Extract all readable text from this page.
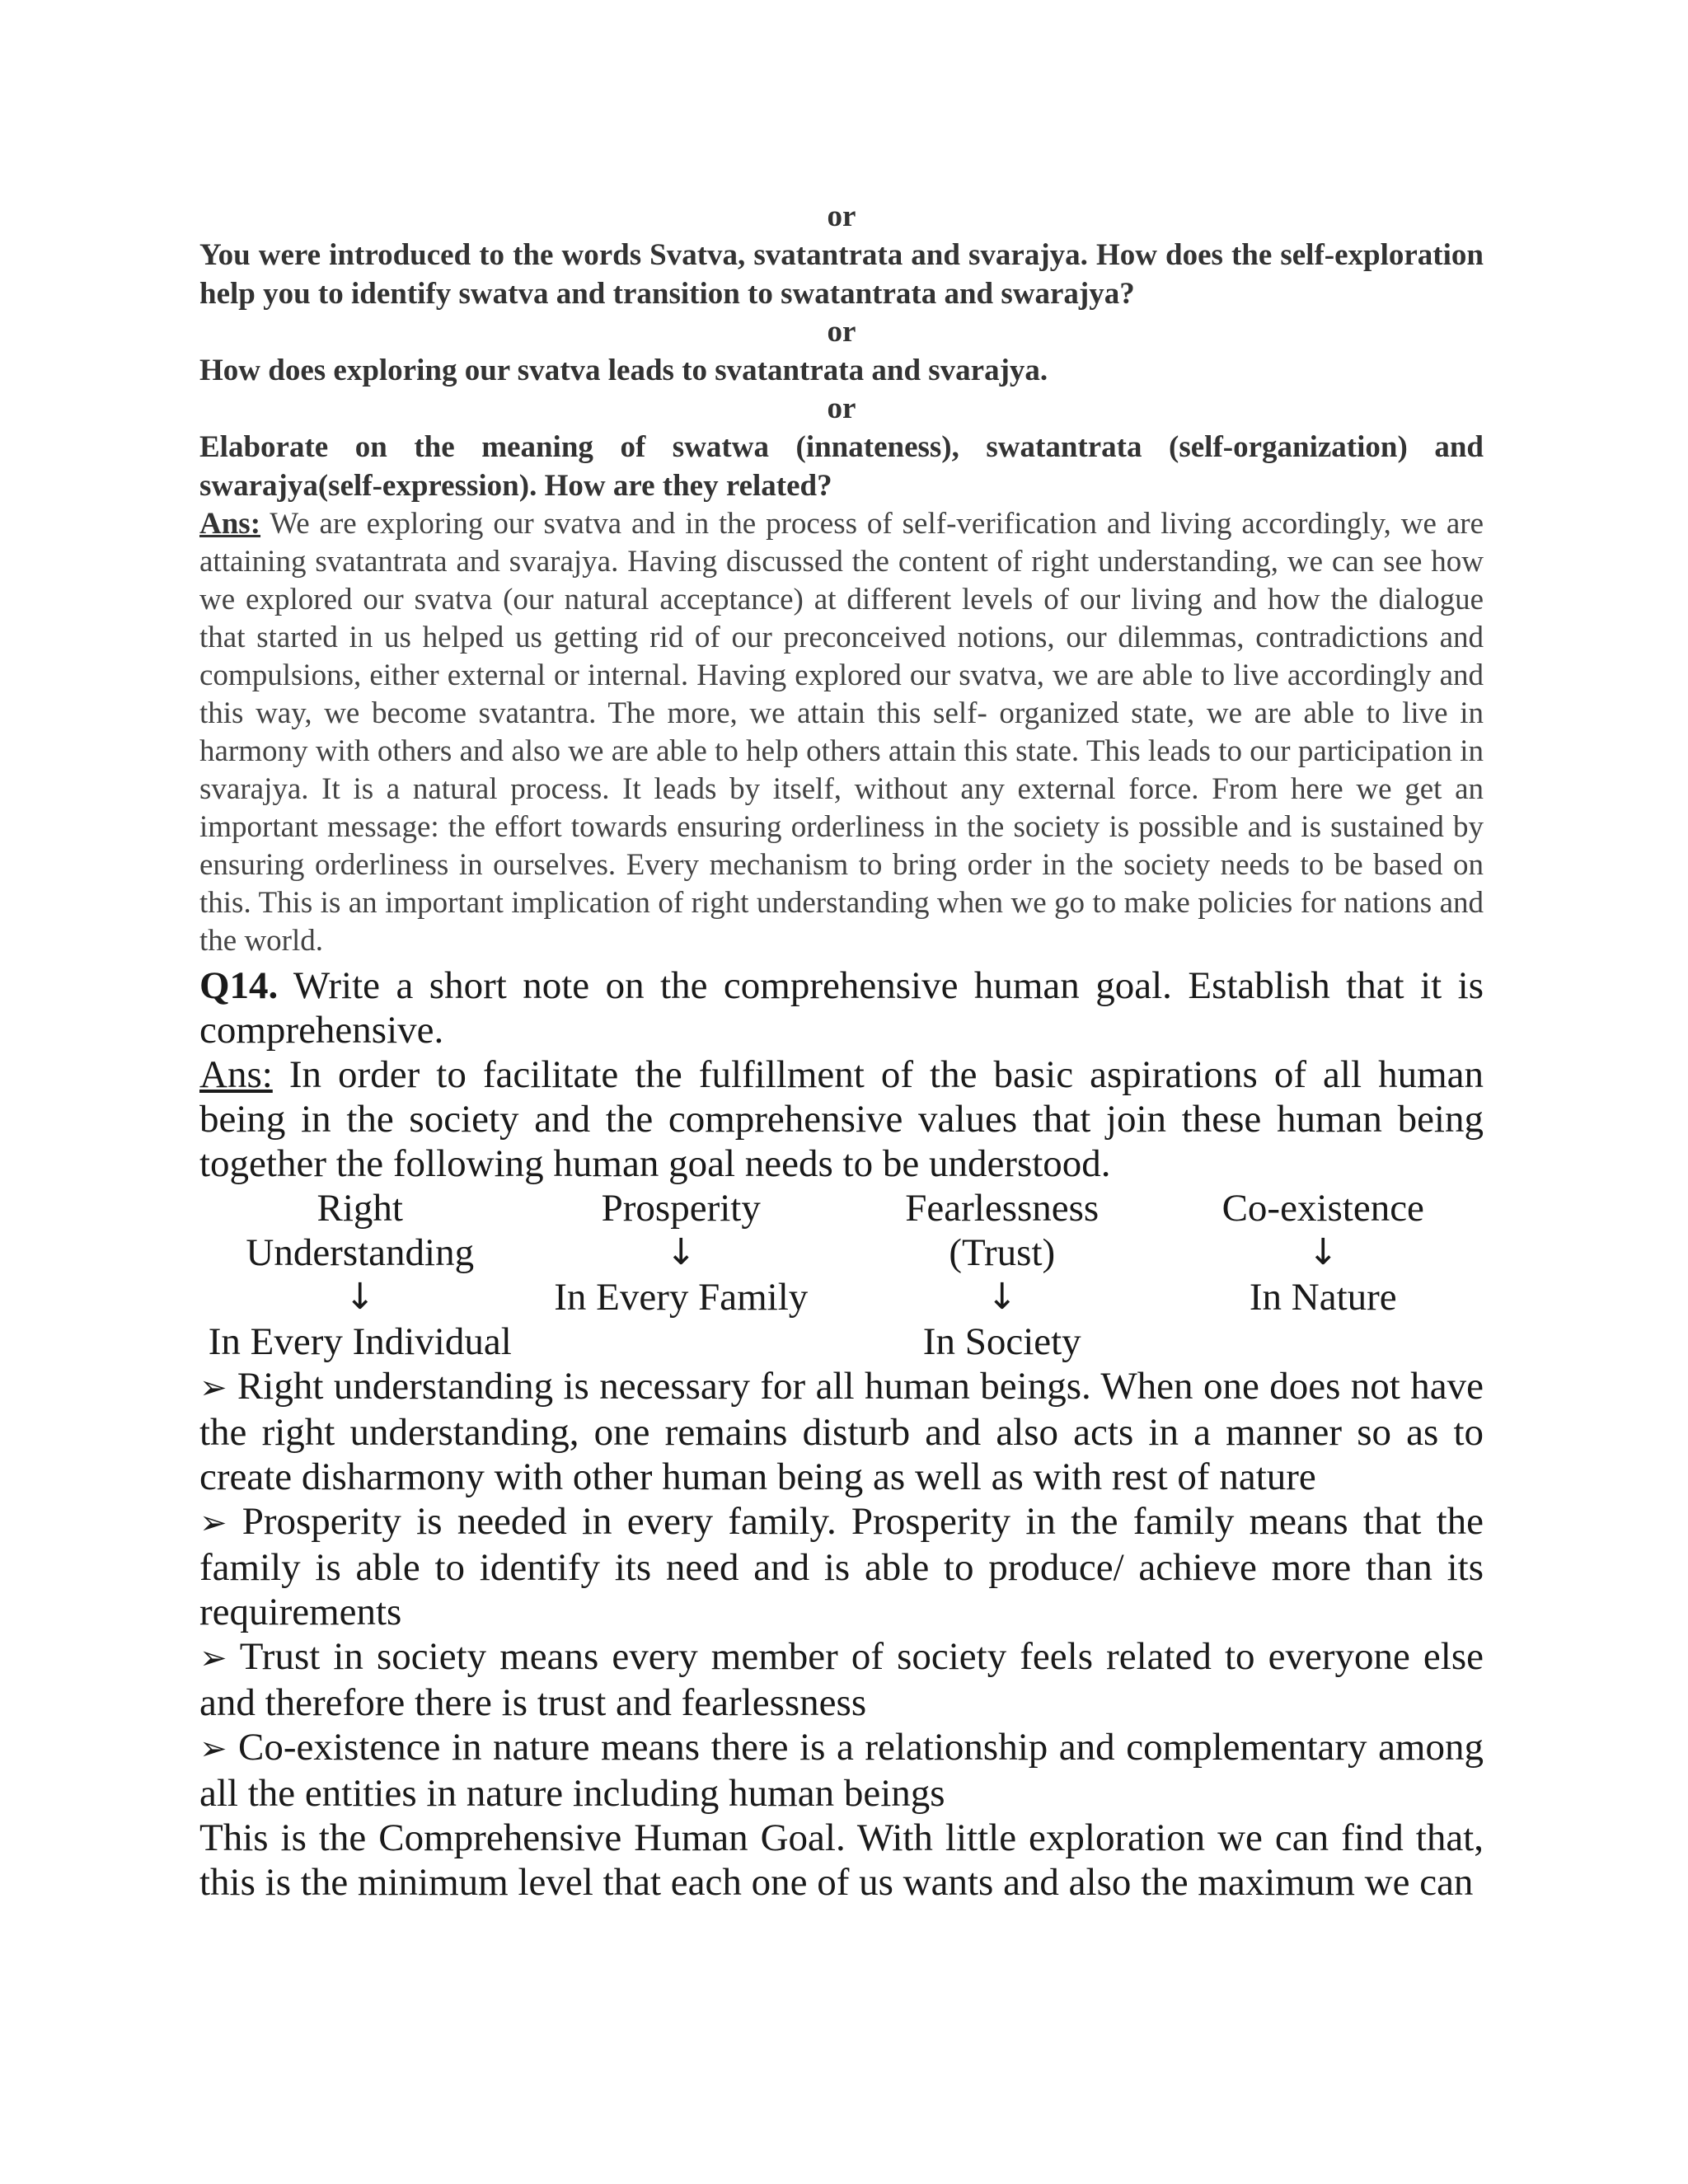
or
You were introduced to the words Svatva, svatantrata and svarajya. How does the self-exploration help you to identify swatva and transition to swatantrata and swarajya?
or
How does exploring our svatva leads to svatantrata and svarajya.
or
Elaborate on the meaning of swatwa (innateness), swatantrata (self-organization) and swarajya(self-expression). How are they related?
Ans: We are exploring our svatva and in the process of self-verification and living accordingly, we are attaining svatantrata and svarajya. Having discussed the content of right understanding, we can see how we explored our svatva (our natural acceptance) at different levels of our living and how the dialogue that started in us helped us getting rid of our preconceived notions, our dilemmas, contradictions and compulsions, either external or internal. Having explored our svatva, we are able to live accordingly and this way, we become svatantra. The more, we attain this self- organized state, we are able to live in harmony with others and also we are able to help others attain this state. This leads to our participation in svarajya. It is a natural process. It leads by itself, without any external force. From here we get an important message: the effort towards ensuring orderliness in the society is possible and is sustained by ensuring orderliness in ourselves. Every mechanism to bring order in the society needs to be based on this. This is an important implication of right understanding when we go to make policies for nations and the world.
Q14. Write a short note on the comprehensive human goal. Establish that it is comprehensive.
Ans: In order to facilitate the fulfillment of the basic aspirations of all human being in the society and the comprehensive values that join these human being together the following human goal needs to be understood.
Right
Understanding
↓
In Every Individual
Prosperity
↓
In Every Family
Fearlessness
(Trust)
↓
In Society
Co-existence
↓
In Nature
➢ Right understanding is necessary for all human beings. When one does not have the right understanding, one remains disturb and also acts in a manner so as to create disharmony with other human being as well as with rest of nature
➢ Prosperity is needed in every family. Prosperity in the family means that the family is able to identify its need and is able to produce/ achieve more than its requirements
➢ Trust in society means every member of society feels related to everyone else and therefore there is trust and fearlessness
➢ Co-existence in nature means there is a relationship and complementary among all the entities in nature including human beings
This is the Comprehensive Human Goal. With little exploration we can find that, this is the minimum level that each one of us wants and also the maximum we can
